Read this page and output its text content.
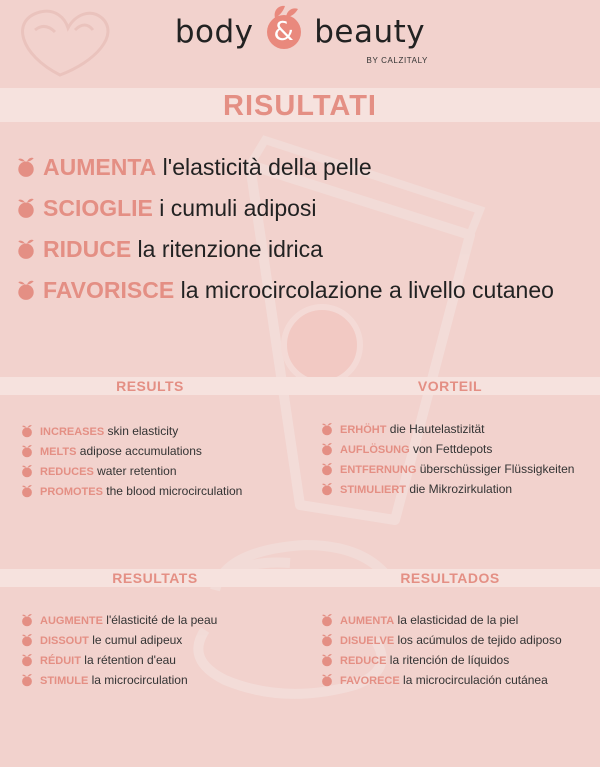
body & beauty
BY CALZITALY
RISULTATI
AUMENTA l'elasticità della pelle
SCIOGLIE i cumuli adiposi
RIDUCE la ritenzione idrica
FAVORISCE la microcircolazione a livello cutaneo
RESULTS	VORTEIL
RESULTATS	RESULTADOS
INCREASES skin elasticity
MELTS adipose accumulations
REDUCES water retention
PROMOTES the blood microcirculation
ERHÖHT die Hautelastizität
AUFLÖSUNG von Fettdepots
ENTFERNUNG überschüssiger Flüssigkeiten
STIMULIERT die Mikrozirkulation
AUGMENTE l'élasticité de la peau
DISSOUT le cumul adipeux
RÉDUIT la rétention d'eau
STIMULE la microcirculation
AUMENTA la elasticidad de la piel
DISUELVE los acúmulos de tejido adiposo
REDUCE la ritención de líquidos
FAVORECE la microcirculación cutánea
